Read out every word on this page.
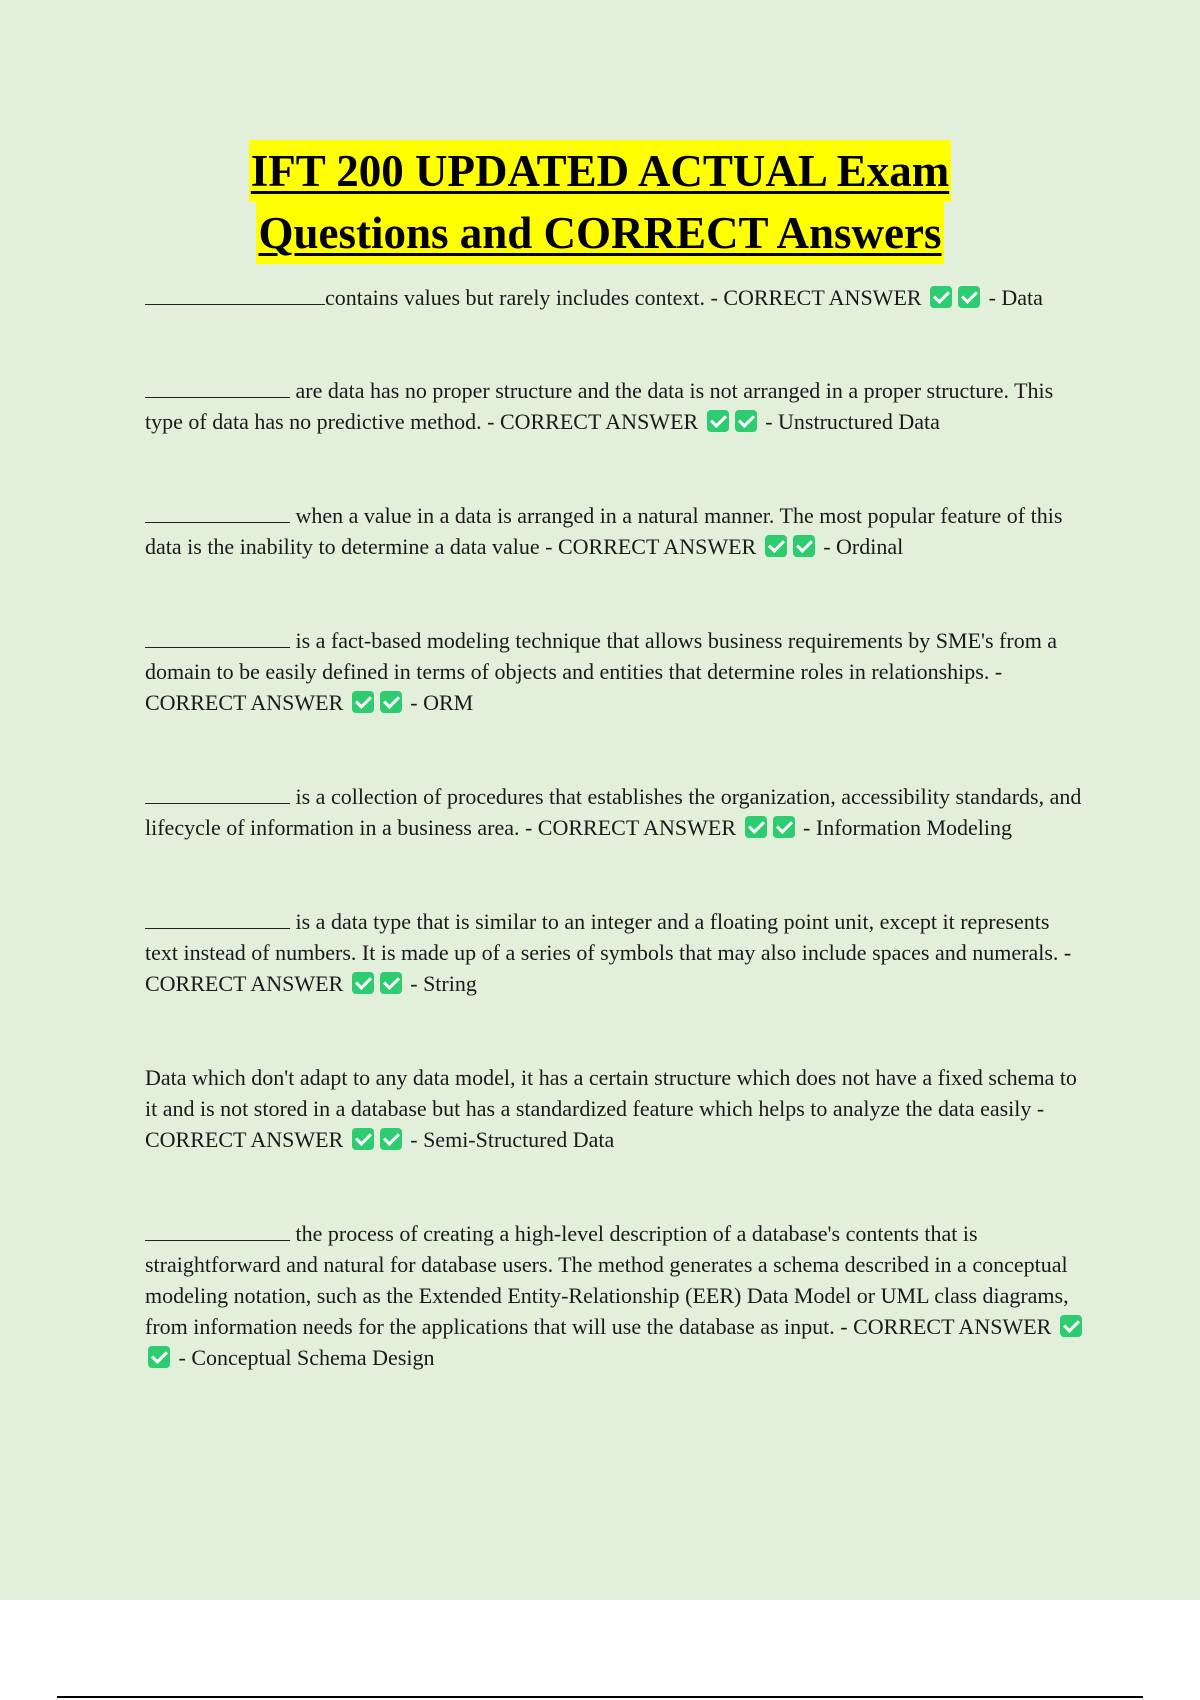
IFT 200 UPDATED ACTUAL Exam
Questions and CORRECT Answers
contains values but rarely includes context. - CORRECT ANSWER	- Data
are data has no proper structure and the data is not arranged in a proper structure. This type of data has no predictive method. - CORRECT ANSWER	- Unstructured Data
when a value in a data is arranged in a natural manner. The most popular feature of this data is the inability to determine a data value - CORRECT ANSWER	- Ordinal
is a fact-based modeling technique that allows business requirements by SME's from a domain to be easily defined in terms of objects and entities that determine roles in relationships. - CORRECT ANSWER	- ORM
is a collection of procedures that establishes the organization, accessibility standards, and lifecycle of information in a business area. - CORRECT ANSWER	- Information Modeling
is a data type that is similar to an integer and a floating point unit, except it represents text instead of numbers. It is made up of a series of symbols that may also include spaces and numerals. - CORRECT ANSWER	- String
Data which don't adapt to any data model, it has a certain structure which does not have a fixed schema to it and is not stored in a database but has a standardized feature which helps to analyze the data easily - CORRECT ANSWER	- Semi-Structured Data
the process of creating a high-level description of a database's contents that is straightforward and natural for database users. The method generates a schema described in a conceptual modeling notation, such as the Extended Entity-Relationship (EER) Data Model or UML class diagrams, from information needs for the applications that will use the database as input. - CORRECT ANSWER  - Conceptual Schema Design
